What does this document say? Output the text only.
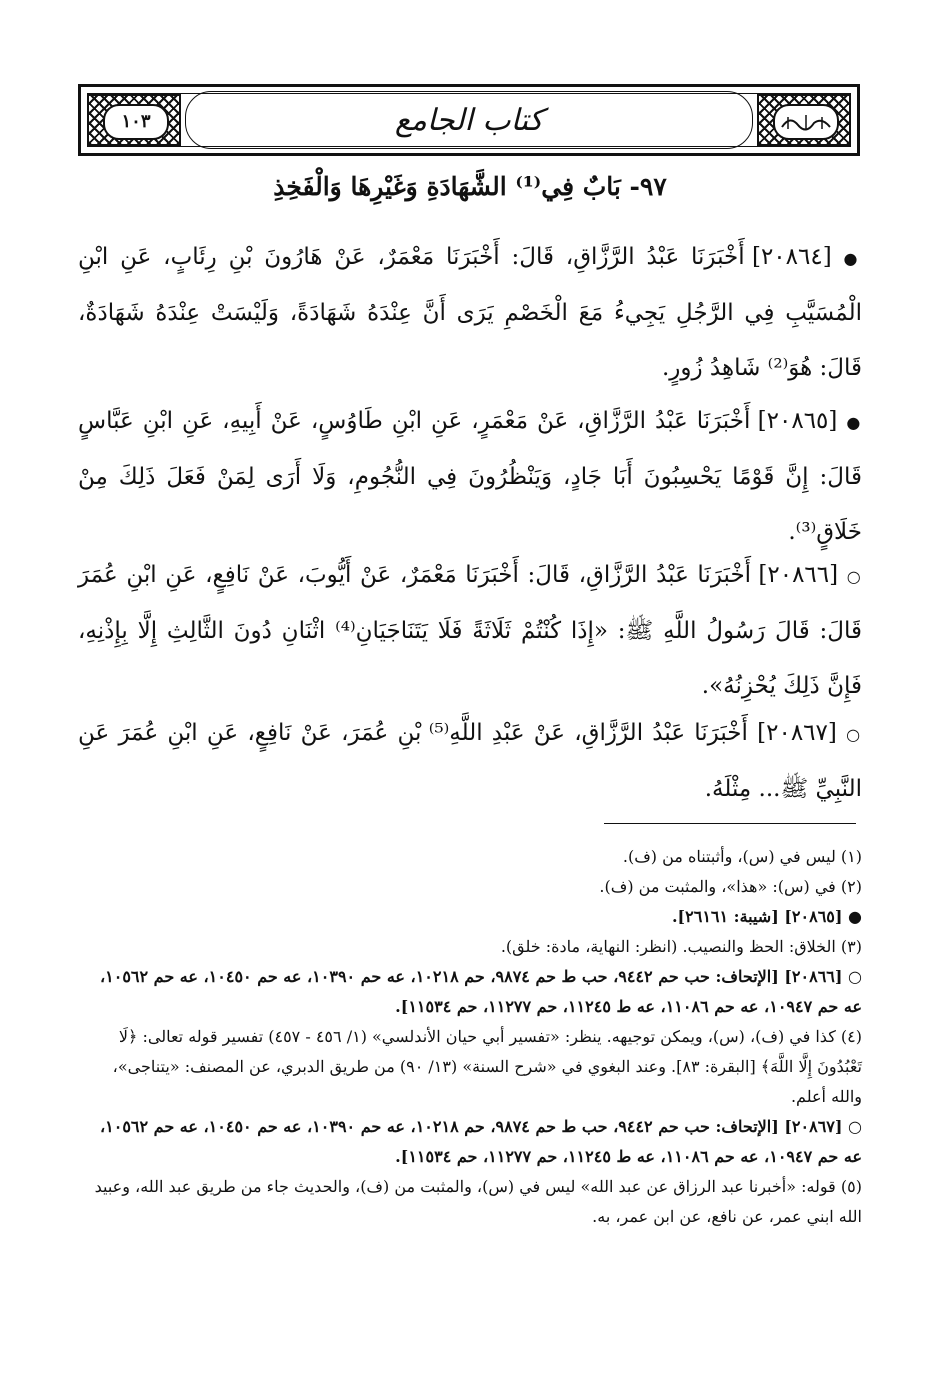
١٠٣	كتاب الجامع
٩٧- بَابٌ فِي⁽¹⁾ الشَّهَادَةِ وَغَيْرِهَا وَالْفَخِذِ
● [٢٠٨٦٤] أَخْبَرَنَا عَبْدُ الرَّزَّاقِ، قَالَ: أَخْبَرَنَا مَعْمَرٌ، عَنْ هَارُونَ بْنِ رِئَابٍ، عَنِ ابْنِ الْمُسَيَّبِ فِي الرَّجُلِ يَجِيءُ مَعَ الْخَصْمِ يَرَى أَنَّ عِنْدَهُ شَهَادَةً، وَلَيْسَتْ عِنْدَهُ شَهَادَةٌ، قَالَ: هُوَ⁽²⁾ شَاهِدُ زُورٍ.
● [٢٠٨٦٥] أَخْبَرَنَا عَبْدُ الرَّزَّاقِ، عَنْ مَعْمَرٍ، عَنِ ابْنِ طَاوُسٍ، عَنْ أَبِيهِ، عَنِ ابْنِ عَبَّاسٍ قَالَ: إِنَّ قَوْمًا يَحْسِبُونَ أَبَا جَادٍ، وَيَنْظُرُونَ فِي النُّجُومِ، وَلَا أَرَى لِمَنْ فَعَلَ ذَلِكَ مِنْ خَلَاقٍ⁽³⁾.
○ [٢٠٨٦٦] أَخْبَرَنَا عَبْدُ الرَّزَّاقِ، قَالَ: أَخْبَرَنَا مَعْمَرٌ، عَنْ أَيُّوبَ، عَنْ نَافِعٍ، عَنِ ابْنِ عُمَرَ قَالَ: قَالَ رَسُولُ اللَّهِ ﷺ: «إِذَا كُنْتُمْ ثَلَاثَةً فَلَا يَتَنَاجَيَانِ⁽⁴⁾ اثْنَانِ دُونَ الثَّالِثِ إِلَّا بِإِذْنِهِ، فَإِنَّ ذَلِكَ يُحْزِنُهُ».
○ [٢٠٨٦٧] أَخْبَرَنَا عَبْدُ الرَّزَّاقِ، عَنْ عَبْدِ اللَّهِ⁽⁵⁾ بْنِ عُمَرَ، عَنْ نَافِعٍ، عَنِ ابْنِ عُمَرَ عَنِ النَّبِيِّ ﷺ... مِثْلَهُ.

(١) ليس في (س)، وأثبتناه من (ف).

(٢) في (س): «هذا»، والمثبت من (ف).

● [٢٠٨٦٥] [شيبة: ٢٦١٦١].

(٣) الخلاق: الحظ والنصيب. (انظر: النهاية، مادة: خلق).

○ [٢٠٨٦٦] [الإتحاف: حب حم ٩٤٤٢، حب ط حم ٩٨٧٤، حم ١٠٢١٨، عه حم ١٠٣٩٠، عه حم ١٠٤٥٠، عه حم ١٠٥٦٢، عه حم ١٠٩٤٧، عه حم ١١٠٨٦، عه ط ١١٢٤٥، حم ١١٢٧٧، حم ١١٥٣٤].

(٤) كذا في (ف)، (س)، ويمكن توجيهه. ينظر: «تفسير أبي حيان الأندلسي» (١/ ٤٥٦ - ٤٥٧) تفسير قوله تعالى: ﴿لَا تَعْبُدُونَ إِلَّا اللَّهَ﴾ [البقرة: ٨٣]. وعند البغوي في «شرح السنة» (١٣/ ٩٠) من طريق الدبري، عن المصنف: «يتناجى»، والله أعلم.

○ [٢٠٨٦٧] [الإتحاف: حب حم ٩٤٤٢، حب ط حم ٩٨٧٤، حم ١٠٢١٨، عه حم ١٠٣٩٠، عه حم ١٠٤٥٠، عه حم ١٠٥٦٢، عه حم ١٠٩٤٧، عه حم ١١٠٨٦، عه ط ١١٢٤٥، حم ١١٢٧٧، حم ١١٥٣٤].

(٥) قوله: «أخبرنا عبد الرزاق عن عبد الله» ليس في (س)، والمثبت من (ف)، والحديث جاء من طريق عبد الله، وعبيد الله ابني عمر، عن نافع، عن ابن عمر، به.
